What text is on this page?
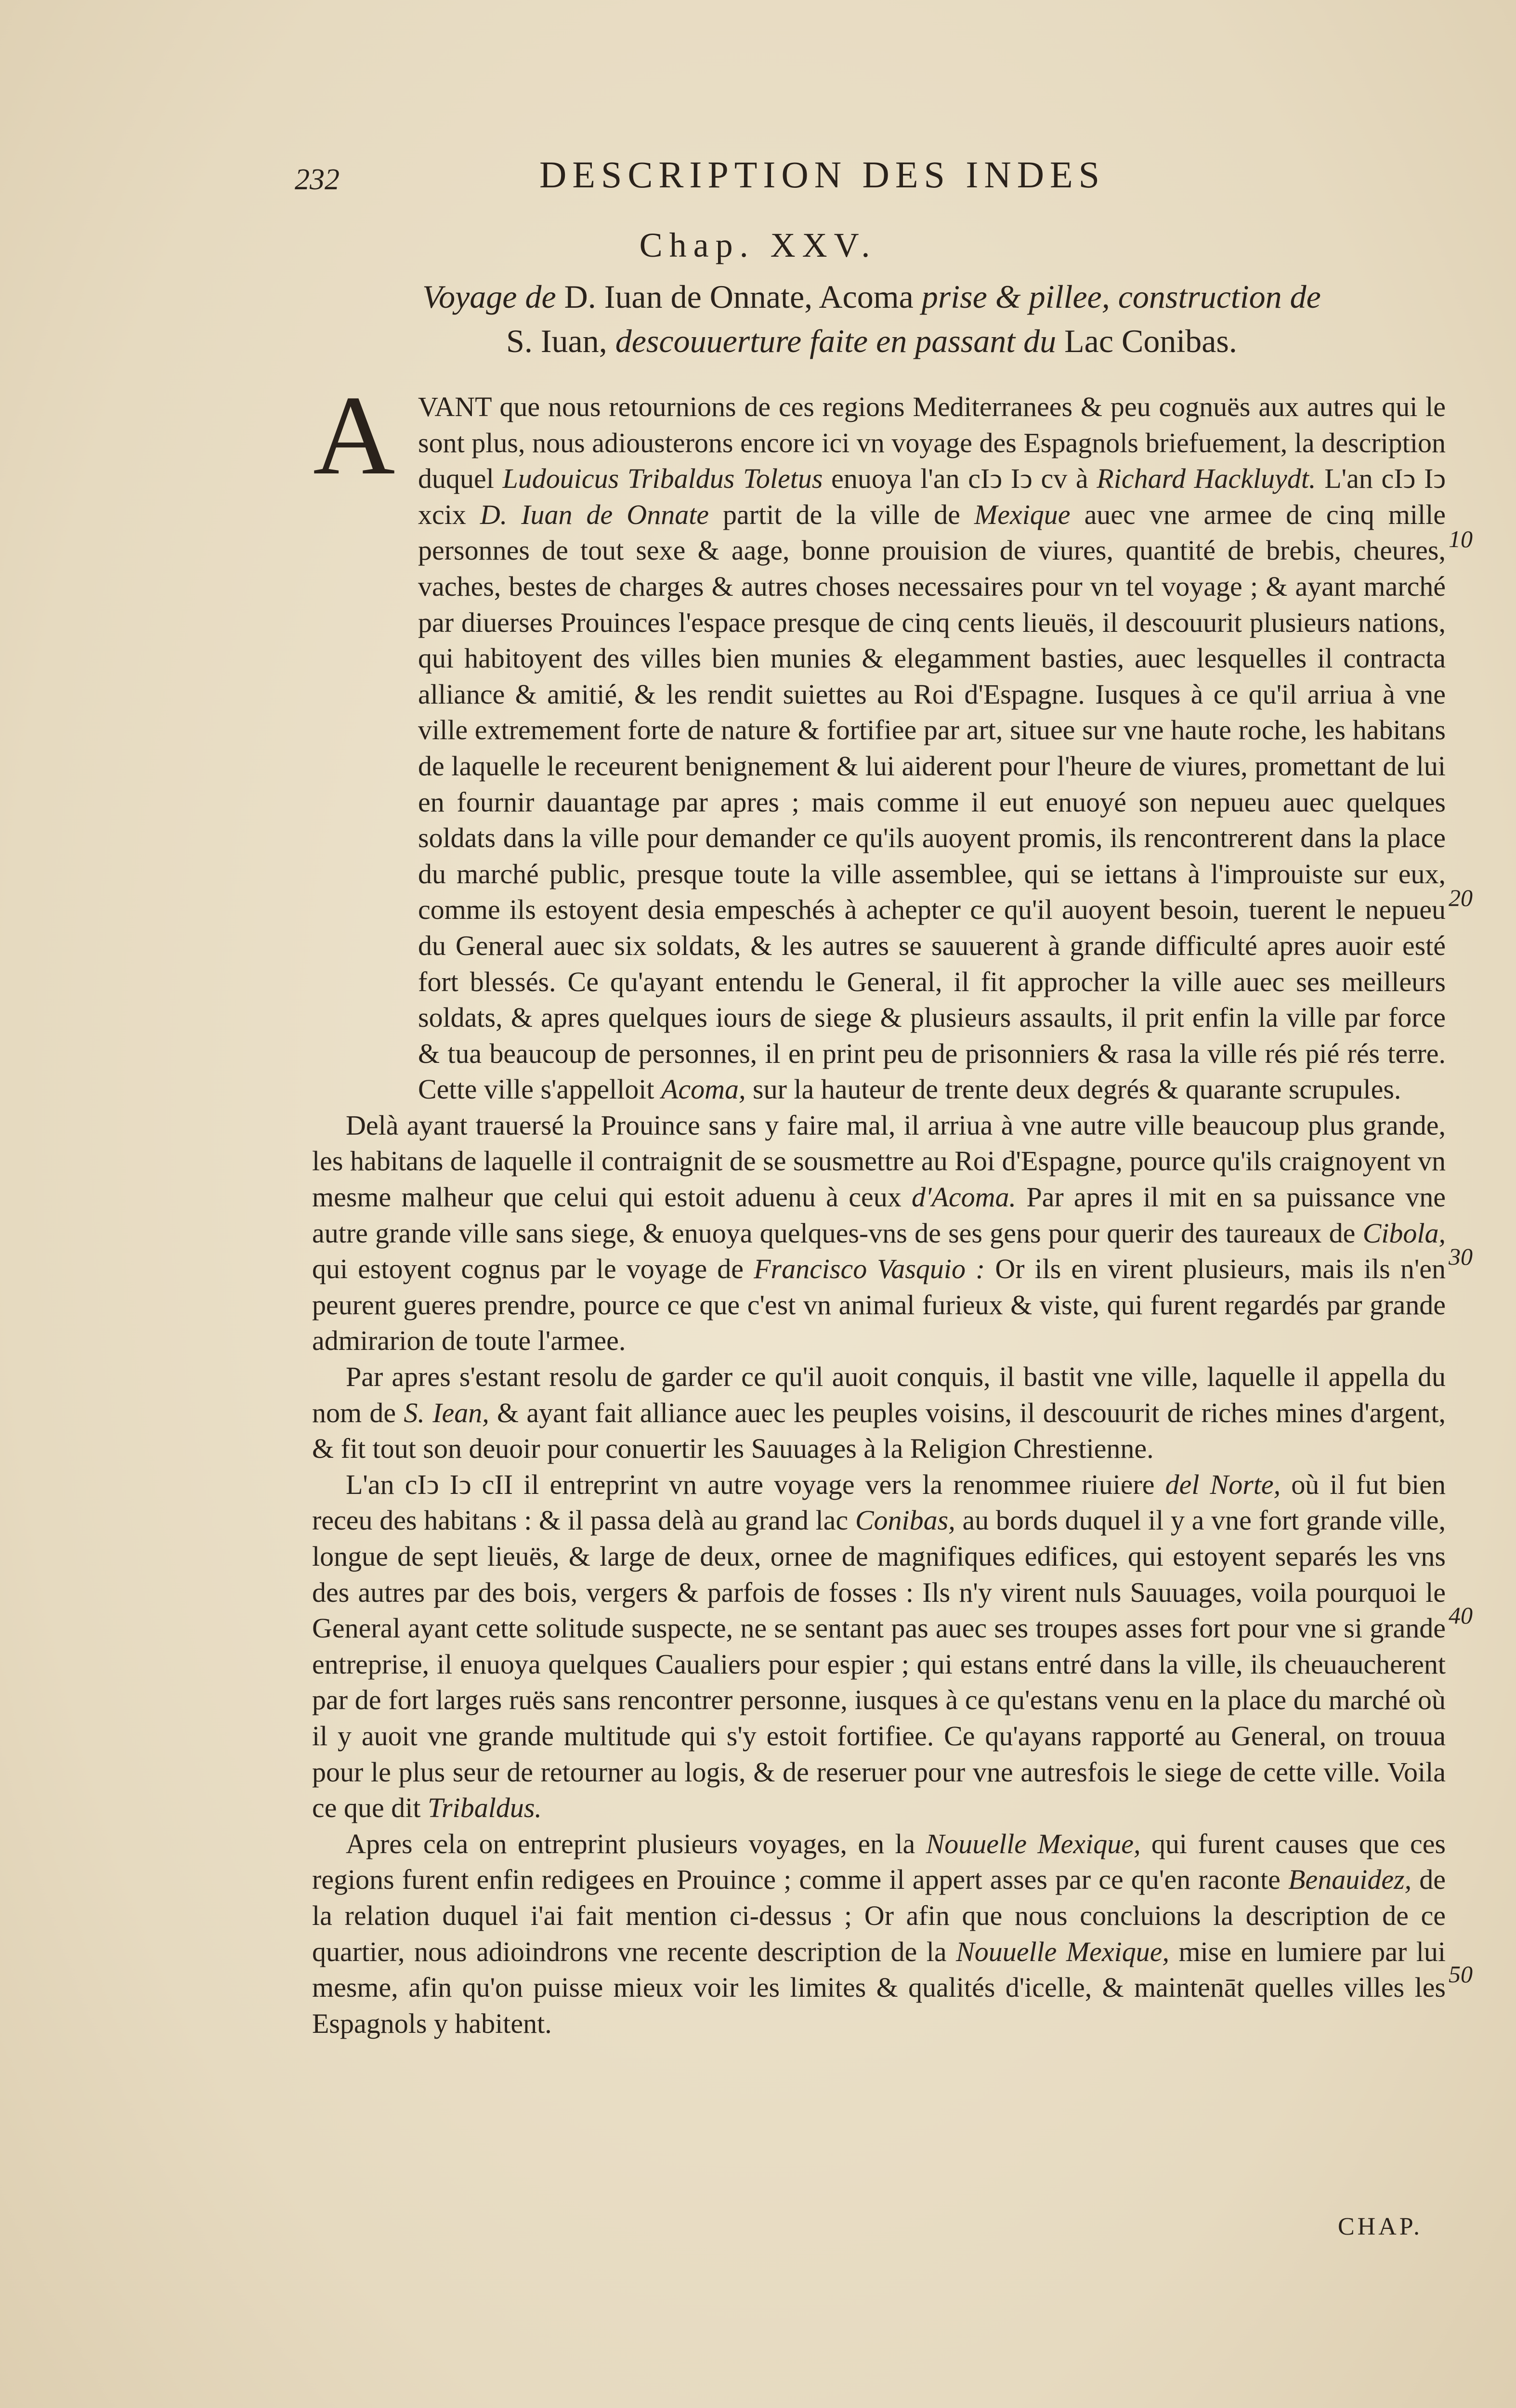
232	DESCRIPTION DES INDES
Chap. XXV.
Voyage de D. Iuan de Onnate, Acoma prise & pillee, construction de
S. Iuan, descouuerture faite en passant du Lac Conibas.
A VANT que nous retournions de ces regions Mediterranees & peu cognuës aux autres qui le sont plus, nous adiousterons encore ici vn voyage des Espagnols briefuement, la description duquel Ludouicus Tribaldus Toletus enuoya l'an cIↄ Iↄ cv à Richard Hackluydt. L'an cIↄ Iↄ xcix D. Iuan de Onnate partit de la ville de Mexique auec vne armee de cinq mille personnes de tout sexe & aage, bonne prouision de viures, quantité de brebis, cheures, vaches, bestes de charges & autres choses necessaires pour vn tel voyage ; & ayant marché par diuerses Prouinces l'espace presque de cinq cents lieuës, il descouurit plusieurs nations, qui habitoyent des villes bien munies & elegamment basties, auec lesquelles il contracta alliance & amitié, & les rendit suiettes au Roi d'Espagne. Iusques à ce qu'il arriua à vne ville extremement forte de nature & fortifiee par art, situee sur vne haute roche, les habitans de laquelle le receurent benignement & lui aiderent pour l'heure de viures, promettant de lui en fournir dauantage par apres ; mais comme il eut enuoyé son nepueu auec quelques soldats dans la ville pour demander ce qu'ils auoyent promis, ils rencontrerent dans la place du marché public, presque toute la ville assemblee, qui se iettans à l'improuiste sur eux, comme ils estoyent desia empeschés à achepter ce qu'il auoyent besoin, tuerent le nepueu du General auec six soldats, & les autres se sauuerent à grande difficulté apres auoir esté fort blessés. Ce qu'ayant entendu le General, il fit approcher la ville auec ses meilleurs soldats, & apres quelques iours de siege & plusieurs assaults, il prit enfin la ville par force & tua beaucoup de personnes, il en print peu de prisonniers & rasa la ville rés pié rés terre. Cette ville s'appelloit Acoma, sur la hauteur de trente deux degrés & quarante scrupules.

Delà ayant trauersé la Prouince sans y faire mal, il arriua à vne autre ville beaucoup plus grande, les habitans de laquelle il contraignit de se sousmettre au Roi d'Espagne, pource qu'ils craignoyent vn mesme malheur que celui qui estoit aduenu à ceux d'Acoma. Par apres il mit en sa puissance vne autre grande ville sans siege, & enuoya quelques-vns de ses gens pour querir des taureaux de Cibola, qui estoyent cognus par le voyage de Francisco Vasquio : Or ils en virent plusieurs, mais ils n'en peurent gueres prendre, pource ce que c'est vn animal furieux & viste, qui furent regardés par grande admirarion de toute l'armee.

Par apres s'estant resolu de garder ce qu'il auoit conquis, il bastit vne ville, laquelle il appella du nom de S. Iean, & ayant fait alliance auec les peuples voisins, il descouurit de riches mines d'argent, & fit tout son deuoir pour conuertir les Sauuages à la Religion Chrestienne.

L'an cIↄ Iↄ cII il entreprint vn autre voyage vers la renommee riuiere del Norte, où il fut bien receu des habitans : & il passa delà au grand lac Conibas, au bords duquel il y a vne fort grande ville, longue de sept lieuës, & large de deux, ornee de magnifiques edifices, qui estoyent separés les vns des autres par des bois, vergers & parfois de fosses : Ils n'y virent nuls Sauuages, voila pourquoi le General ayant cette solitude suspecte, ne se sentant pas auec ses troupes asses fort pour vne si grande entreprise, il enuoya quelques Caualiers pour espier ; qui estans entré dans la ville, ils cheuaucherent par de fort larges ruës sans rencontrer personne, iusques à ce qu'estans venu en la place du marché où il y auoit vne grande multitude qui s'y estoit fortifiee. Ce qu'ayans rapporté au General, on trouua pour le plus seur de retourner au logis, & de reseruer pour vne autresfois le siege de cette ville. Voila ce que dit Tribaldus.

Apres cela on entreprint plusieurs voyages, en la Nouuelle Mexique, qui furent causes que ces regions furent enfin redigees en Prouince ; comme il appert asses par ce qu'en raconte Benauidez, de la relation duquel i'ai fait mention ci-dessus ; Or afin que nous concluions la description de ce quartier, nous adioindrons vne recente description de la Nouuelle Mexique, mise en lumiere par lui mesme, afin qu'on puisse mieux voir les limites & qualités d'icelle, & maintenāt quelles villes les Espagnols y habitent.

10
20
30
40
50
CHAP.
